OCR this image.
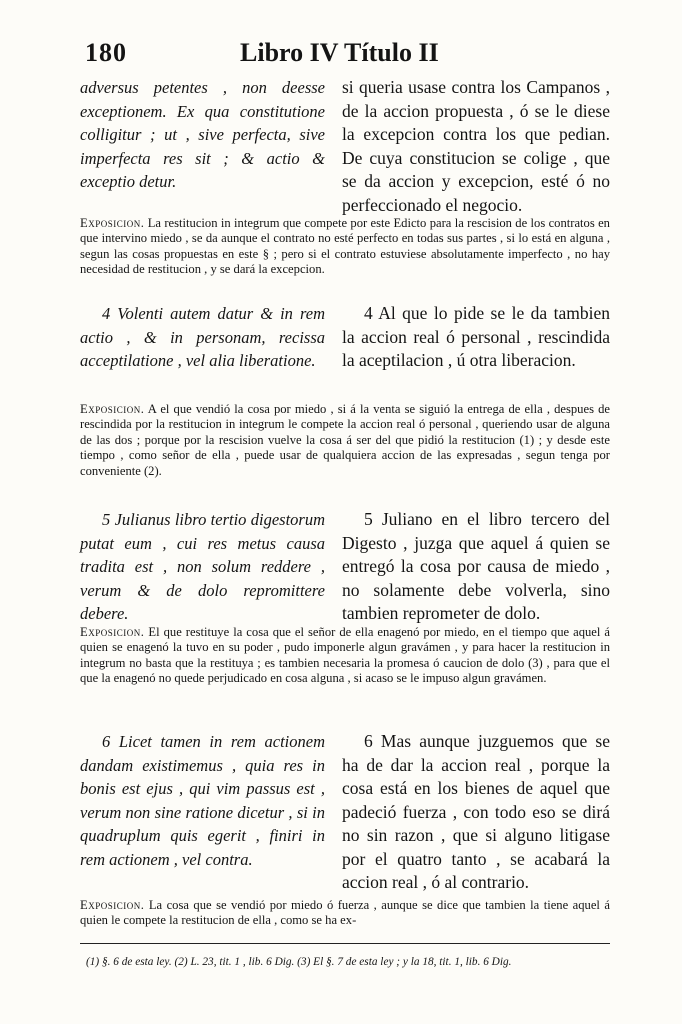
180	Libro IV Título II
adversus petentes , non deesse exceptionem. Ex qua constitutione colligitur ; ut , sive perfecta, sive imperfecta res sit ; & actio & exceptio detur.
si queria usase contra los Campanos , de la accion propuesta , ó se le diese la excepcion contra los que pedian. De cuya constitucion se colige , que se da accion y excepcion, esté ó no perfeccionado el negocio.
Exposicion. La restitucion in integrum que compete por este Edicto para la rescision de los contratos en que intervino miedo , se da aunque el contrato no esté perfecto en todas sus partes , si lo está en alguna , segun las cosas propuestas en este § ; pero si el contrato estuviese absolutamente imperfecto , no hay necesidad de restitucion , y se dará la excepcion.
4 Volenti autem datur & in rem actio , & in personam, recissa acceptilatione , vel alia liberatione.
4 Al que lo pide se le da tambien la accion real ó personal , rescindida la aceptilacion , ú otra liberacion.
Exposicion. A el que vendió la cosa por miedo , si á la venta se siguió la entrega de ella , despues de rescindida por la restitucion in integrum le compete la accion real ó personal , queriendo usar de alguna de las dos ; porque por la rescision vuelve la cosa á ser del que pidió la restitucion (1) ; y desde este tiempo , como señor de ella , puede usar de qualquiera accion de las expresadas , segun tenga por conveniente (2).
5 Julianus libro tertio digestorum putat eum , cui res metus causa tradita est , non solum reddere , verum & de dolo repromittere debere.
5 Juliano en el libro tercero del Digesto , juzga que aquel á quien se entregó la cosa por causa de miedo , no solamente debe volverla, sino tambien reprometer de dolo.
Exposicion. El que restituye la cosa que el señor de ella enagenó por miedo, en el tiempo que aquel á quien se enagenó la tuvo en su poder , pudo imponerle algun gravámen , y para hacer la restitucion in integrum no basta que la restituya ; es tambien necesaria la promesa ó caucion de dolo (3) , para que el que la enagenó no quede perjudicado en cosa alguna , si acaso se le impuso algun gravámen.
6 Licet tamen in rem actionem dandam existimemus , quia res in bonis est ejus , qui vim passus est , verum non sine ratione dicetur , si in quadruplum quis egerit , finiri in rem actionem , vel contra.
6 Mas aunque juzguemos que se ha de dar la accion real , porque la cosa está en los bienes de aquel que padeció fuerza , con todo eso se dirá no sin razon , que si alguno litigase por el quatro tanto , se acabará la accion real , ó al contrario.
Exposicion. La cosa que se vendió por miedo ó fuerza , aunque se dice que tambien la tiene aquel á quien le compete la restitucion de ella , como se ha ex-
(1) §. 6 de esta ley. (2) L. 23, tit. 1 , lib. 6 Dig. (3) El §. 7 de esta ley ; y la 18, tit. 1, lib. 6 Dig.
